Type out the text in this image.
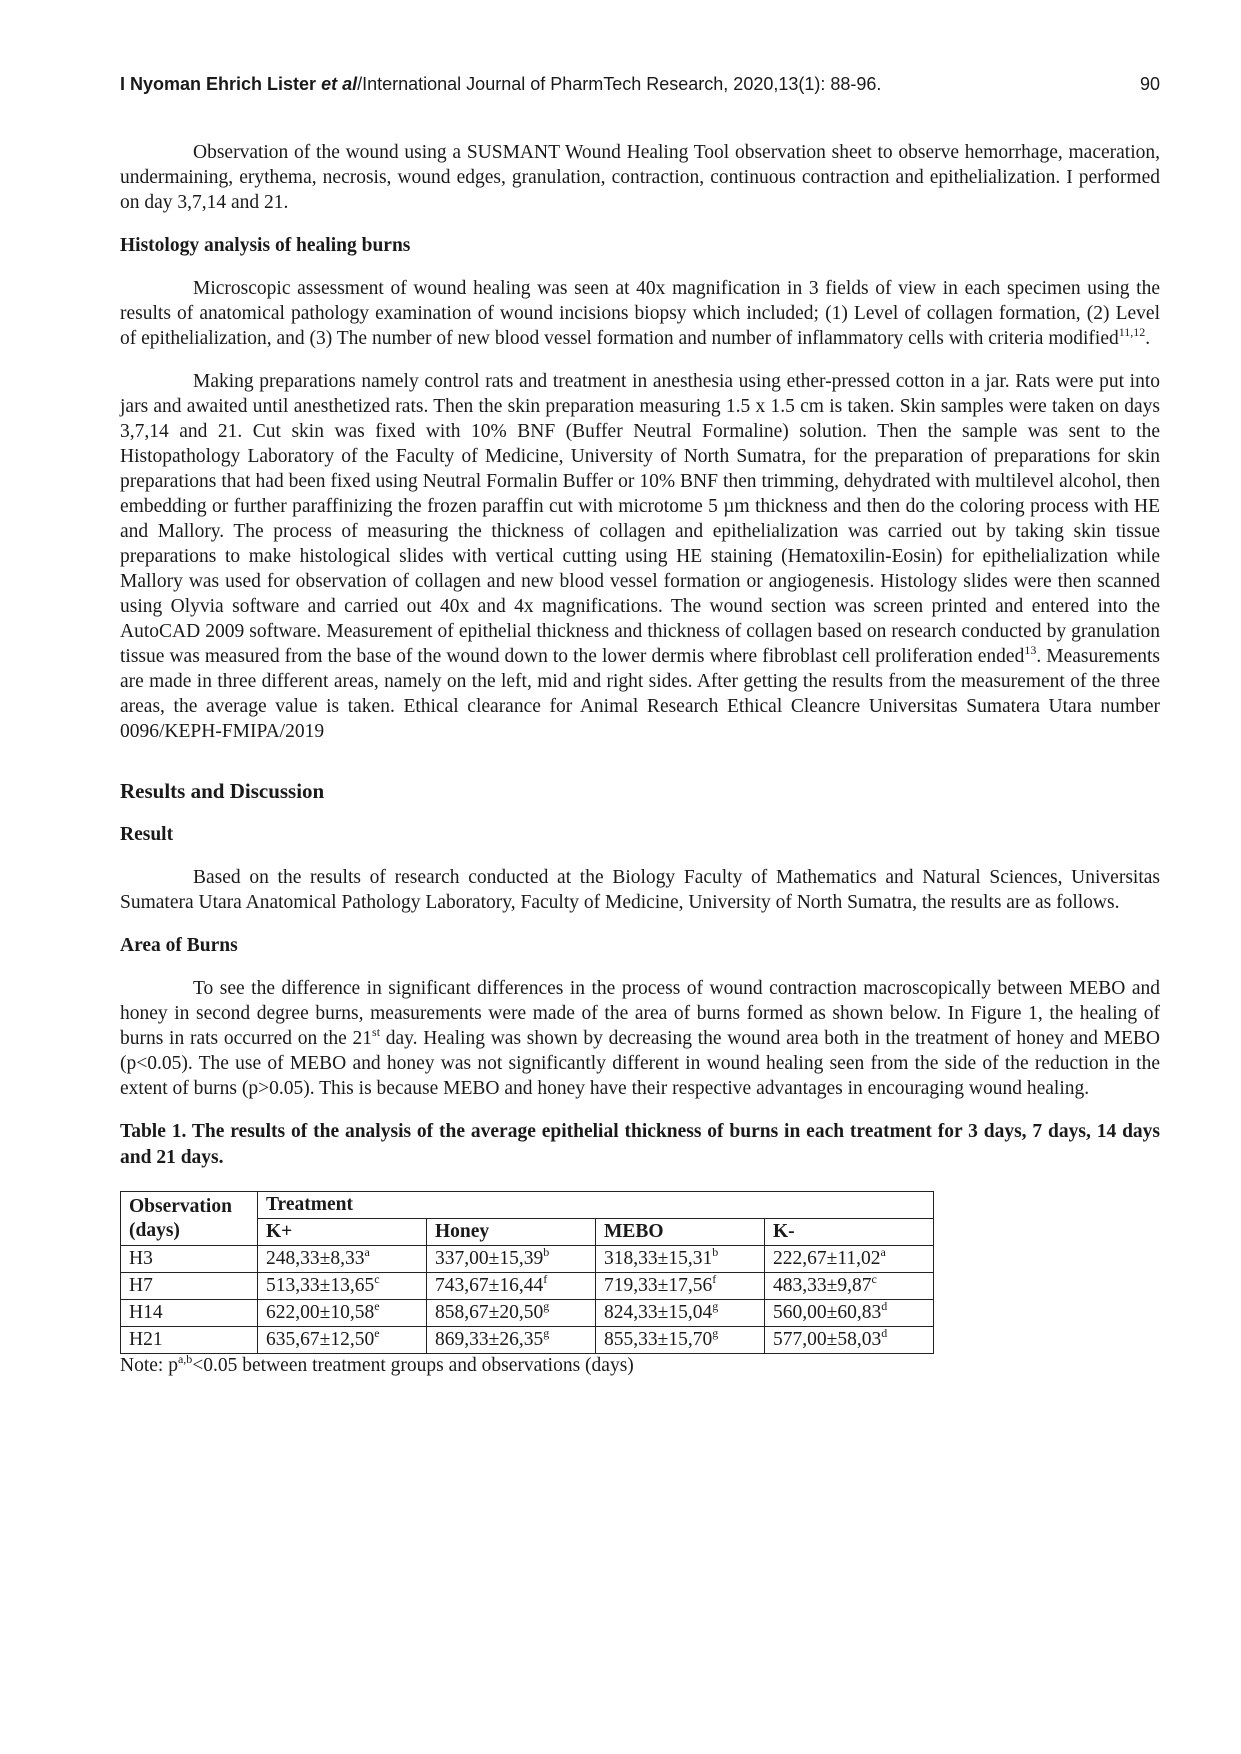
I Nyoman Ehrich Lister et al/International Journal of PharmTech Research, 2020,13(1): 88-96.	90

Observation of the wound using a SUSMANT Wound Healing Tool observation sheet to observe hemorrhage, maceration, undermaining, erythema, necrosis, wound edges, granulation, contraction, continuous contraction and epithelialization. I performed on day 3,7,14 and 21.

Histology analysis of healing burns

Microscopic assessment of wound healing was seen at 40x magnification in 3 fields of view in each specimen using the results of anatomical pathology examination of wound incisions biopsy which included; (1) Level of collagen formation, (2) Level of epithelialization, and (3) The number of new blood vessel formation and number of inflammatory cells with criteria modified$^{11,12}$.

Making preparations namely control rats and treatment in anesthesia using ether-pressed cotton in a jar. Rats were put into jars and awaited until anesthetized rats. Then the skin preparation measuring 1.5 x 1.5 cm is taken. Skin samples were taken on days 3,7,14 and 21. Cut skin was fixed with 10% BNF (Buffer Neutral Formaline) solution. Then the sample was sent to the Histopathology Laboratory of the Faculty of Medicine, University of North Sumatra, for the preparation of preparations for skin preparations that had been fixed using Neutral Formalin Buffer or 10% BNF then trimming, dehydrated with multilevel alcohol, then embedding or further paraffinizing the frozen paraffin cut with microtome 5 µm thickness and then do the coloring process with HE and Mallory. The process of measuring the thickness of collagen and epithelialization was carried out by taking skin tissue preparations to make histological slides with vertical cutting using HE staining (Hematoxilin-Eosin) for epithelialization while Mallory was used for observation of collagen and new blood vessel formation or angiogenesis. Histology slides were then scanned using Olyvia software and carried out 40x and 4x magnifications. The wound section was screen printed and entered into the AutoCAD 2009 software. Measurement of epithelial thickness and thickness of collagen based on research conducted by granulation tissue was measured from the base of the wound down to the lower dermis where fibroblast cell proliferation ended$^{13}$. Measurements are made in three different areas, namely on the left, mid and right sides. After getting the results from the measurement of the three areas, the average value is taken. Ethical clearance for Animal Research Ethical Cleancre Universitas Sumatera Utara number 0096/KEPH-FMIPA/2019

Results and Discussion
Result

Based on the results of research conducted at the Biology Faculty of Mathematics and Natural Sciences, Universitas Sumatera Utara Anatomical Pathology Laboratory, Faculty of Medicine, University of North Sumatra, the results are as follows.

Area of Burns

To see the difference in significant differences in the process of wound contraction macroscopically between MEBO and honey in second degree burns, measurements were made of the area of burns formed as shown below. In Figure 1, the healing of burns in rats occurred on the 21st day. Healing was shown by decreasing the wound area both in the treatment of honey and MEBO (p<0.05). The use of MEBO and honey was not significantly different in wound healing seen from the side of the reduction in the extent of burns (p>0.05). This is because MEBO and honey have their respective advantages in encouraging wound healing.

Table 1. The results of the analysis of the average epithelial thickness of burns in each treatment for 3 days, 7 days, 14 days and 21 days.
Observation (days)	Treatment			
	K+	Honey	MEBO	K-
H3	248,33±8,33$^a$	337,00±15,39$^b$	318,33±15,31$^b$	222,67±11,02$^a$
H7	513,33±13,65$^c$	743,67±16,44$^f$	719,33±17,56$^f$	483,33±9,87$^c$
H14	622,00±10,58$^e$	858,67±20,50$^g$	824,33±15,04$^g$	560,00±60,83$^d$
H21	635,67±12,50$^e$	869,33±26,35$^g$	855,33±15,70$^g$	577,00±58,03$^d$

Note: $p^{a,b}<0.05$ between treatment groups and observations (days)
